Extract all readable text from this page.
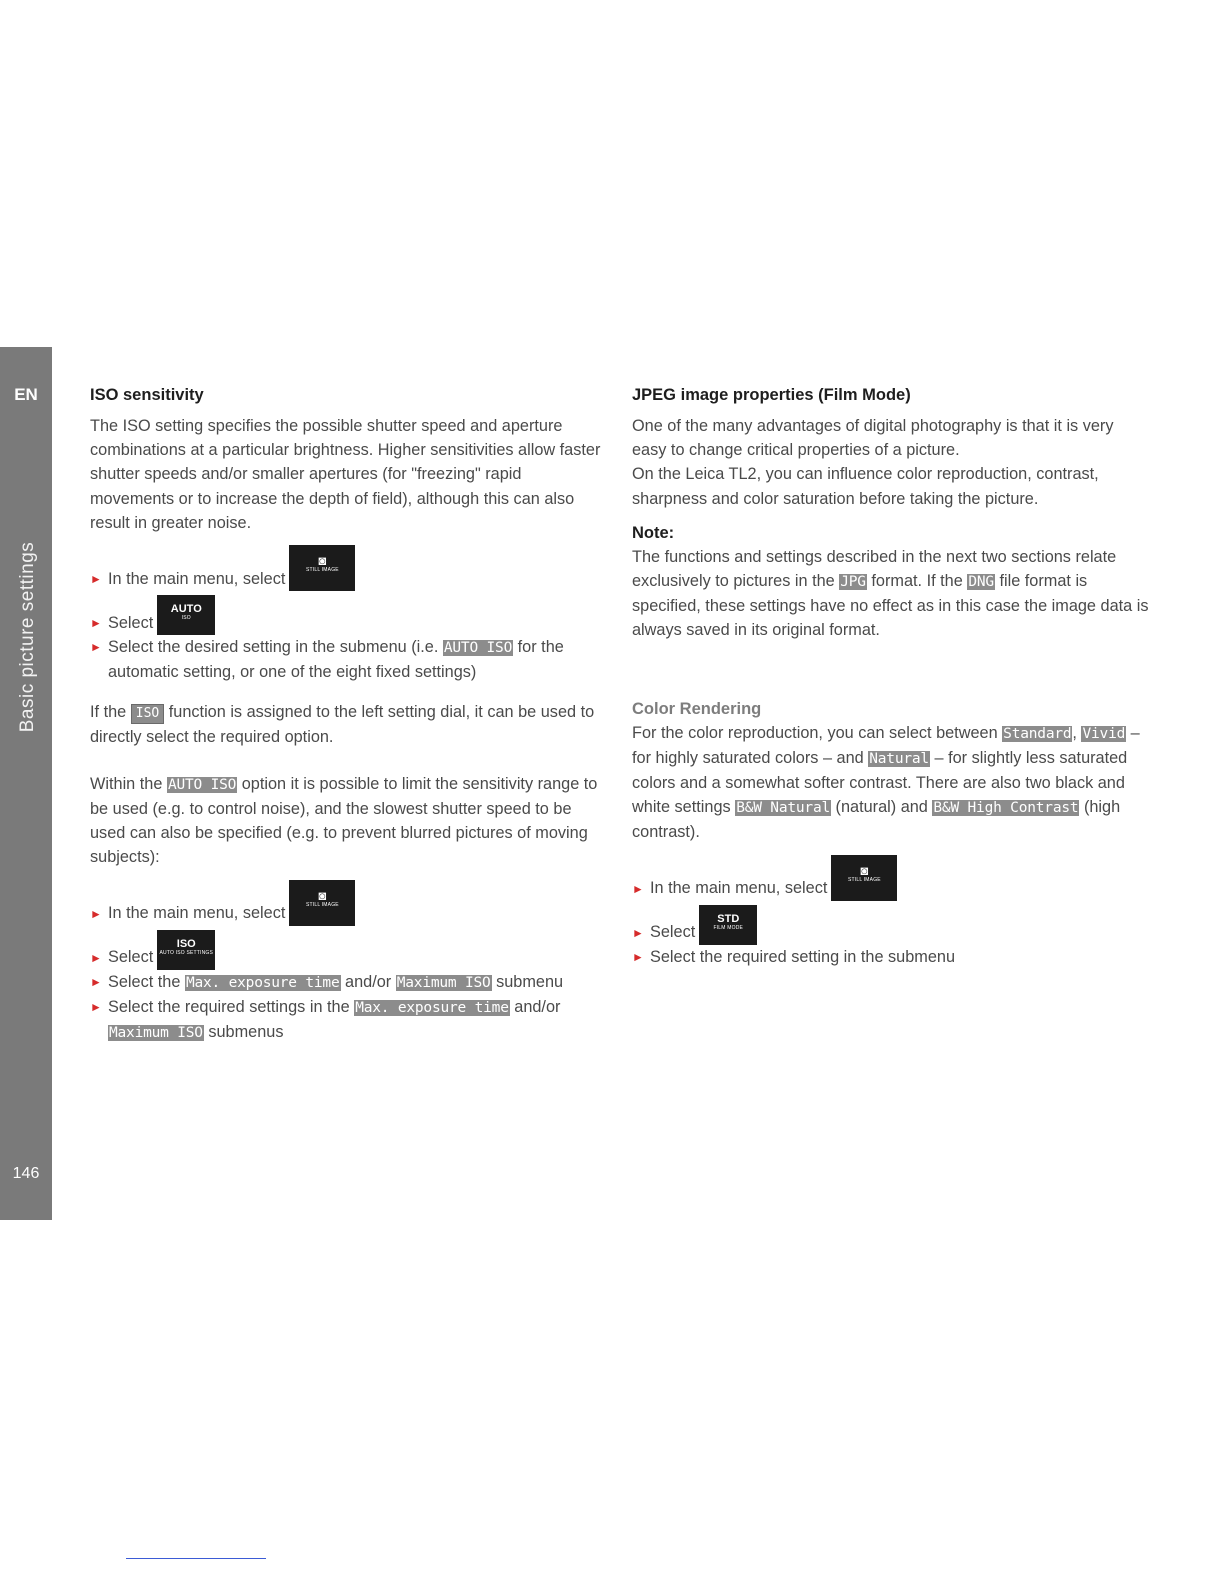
EN
Basic picture settings
146
ISO sensitivity

The ISO setting specifies the possible shutter speed and aperture combinations at a particular brightness. Higher sensitivities allow faster shutter speeds and/or smaller apertures (for "freezing" rapid movements or to increase the depth of field), although this can also result in greater noise.

► In the main menu,
select
◙
STILL IMAGE
► Select
AUTO
ISO
► Select the desired setting in the submenu (i.e. AUTO ISO for the automatic setting, or one of the eight fixed settings)

If the ISO function is assigned to the left setting dial, it can be used to directly select the required option.

Within the AUTO ISO option it is possible to limit the sensitivity range to be used (e.g. to control noise), and the slowest shutter speed to be used can also be specified (e.g. to prevent blurred pictures of moving subjects):

► In the main menu,
select
◙
STILL IMAGE
► Select
ISO
AUTO ISO SETTINGS
► Select the Max. exposure time and/or Maximum ISO submenu
► Select the required settings in the Max. exposure time and/or Maximum ISO submenus
JPEG image properties (Film Mode)

One of the many advantages of digital photography is that it is very easy to change critical properties of a picture.

On the Leica TL2, you can influence color reproduction, contrast, sharpness and color saturation before taking the picture.

Note:

The functions and settings described in the next two sections relate exclusively to pictures in the JPG format. If the DNG file format is specified, these settings have no effect as in this case the image data is always saved in its original format.

Color Rendering

For the color reproduction, you can select between Standard, Vivid – for highly saturated colors – and Natural – for slightly less saturated colors and a somewhat softer contrast. There are also two black and white settings B&W Natural (natural) and B&W High Contrast (high contrast).

► In the main menu,
select
◙
STILL IMAGE
► Select
STD
FILM MODE
► Select the required setting in the submenu
